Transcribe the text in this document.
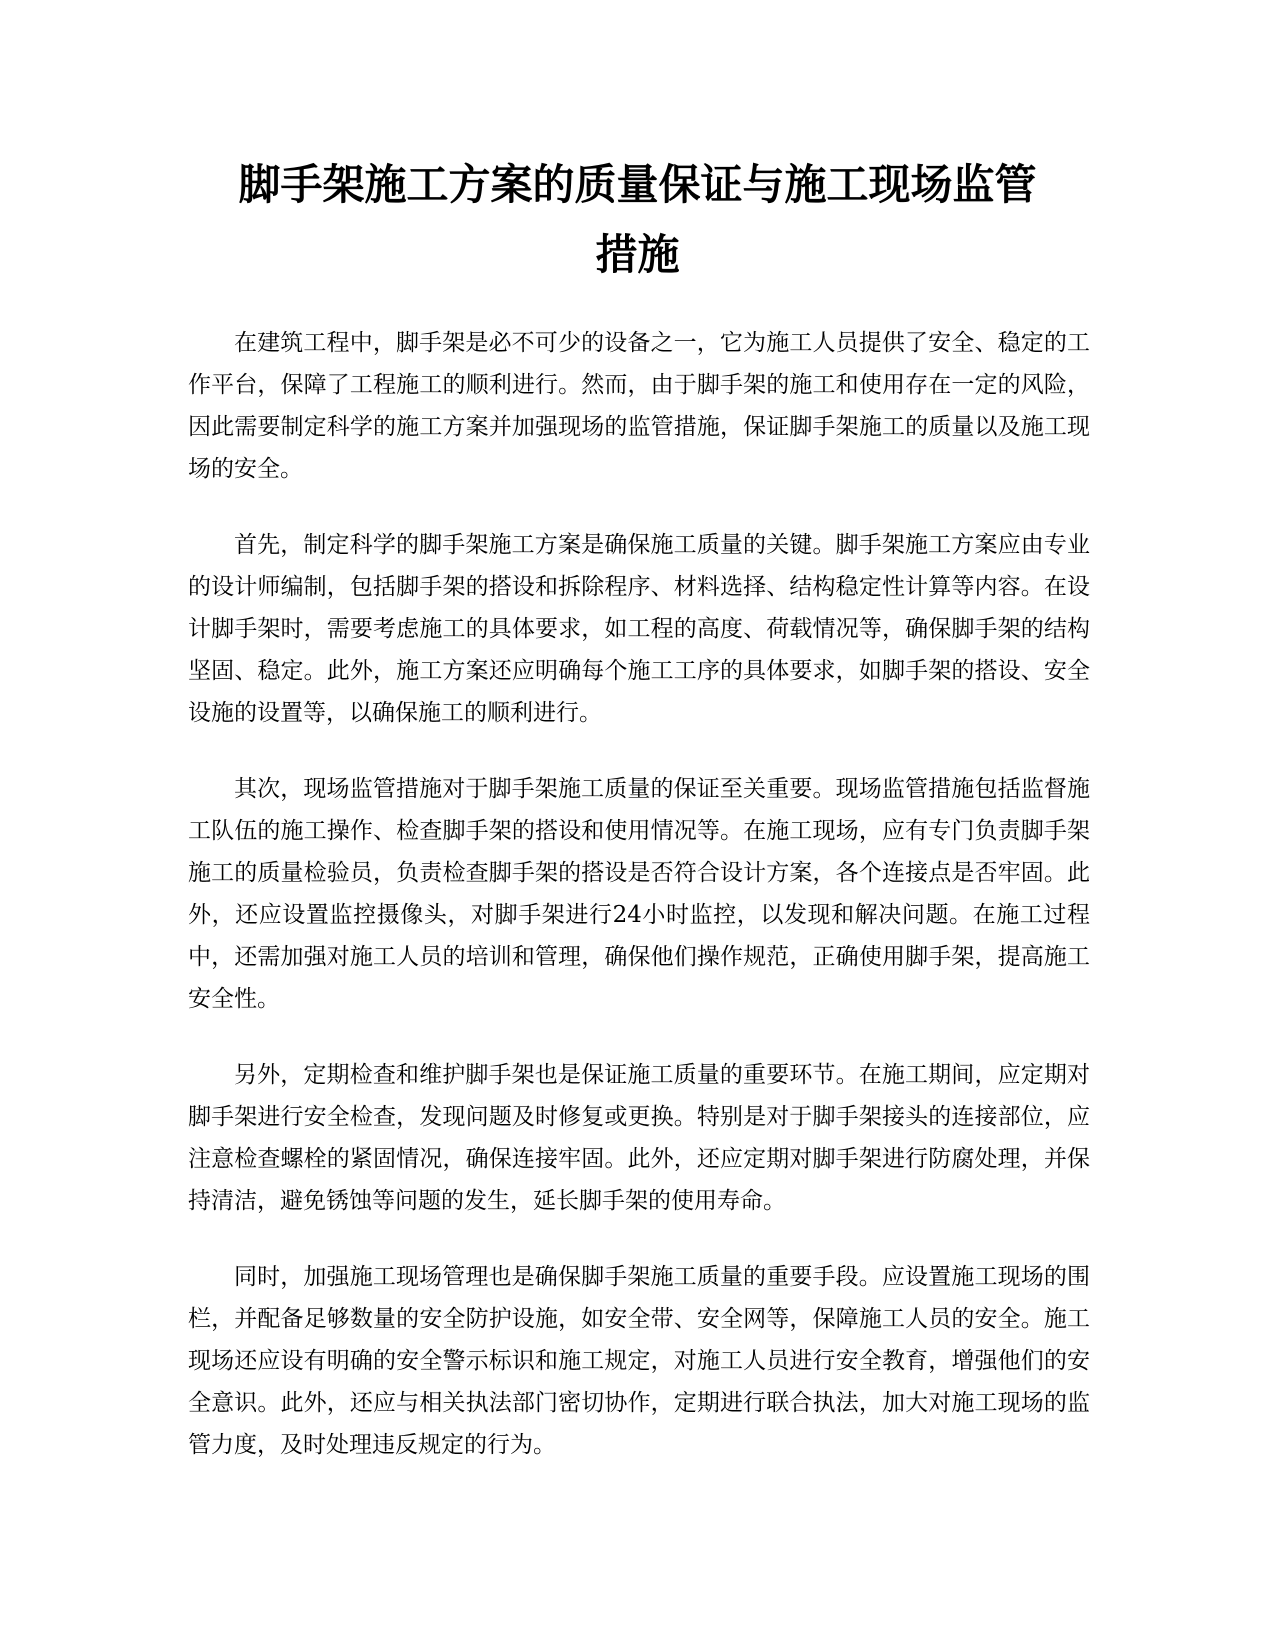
脚手架施工方案的质量保证与施工现场监管
措施

在建筑工程中，脚手架是必不可少的设备之一，它为施工人员提供了安全、稳定的工作平台，保障了工程施工的顺利进行。然而，由于脚手架的施工和使用存在一定的风险，因此需要制定科学的施工方案并加强现场的监管措施，保证脚手架施工的质量以及施工现场的安全。

首先，制定科学的脚手架施工方案是确保施工质量的关键。脚手架施工方案应由专业的设计师编制，包括脚手架的搭设和拆除程序、材料选择、结构稳定性计算等内容。在设计脚手架时，需要考虑施工的具体要求，如工程的高度、荷载情况等，确保脚手架的结构坚固、稳定。此外，施工方案还应明确每个施工工序的具体要求，如脚手架的搭设、安全设施的设置等，以确保施工的顺利进行。

其次，现场监管措施对于脚手架施工质量的保证至关重要。现场监管措施包括监督施工队伍的施工操作、检查脚手架的搭设和使用情况等。在施工现场，应有专门负责脚手架施工的质量检验员，负责检查脚手架的搭设是否符合设计方案，各个连接点是否牢固。此外，还应设置监控摄像头，对脚手架进行24小时监控，以发现和解决问题。在施工过程中，还需加强对施工人员的培训和管理，确保他们操作规范，正确使用脚手架，提高施工安全性。

另外，定期检查和维护脚手架也是保证施工质量的重要环节。在施工期间，应定期对脚手架进行安全检查，发现问题及时修复或更换。特别是对于脚手架接头的连接部位，应注意检查螺栓的紧固情况，确保连接牢固。此外，还应定期对脚手架进行防腐处理，并保持清洁，避免锈蚀等问题的发生，延长脚手架的使用寿命。

同时，加强施工现场管理也是确保脚手架施工质量的重要手段。应设置施工现场的围栏，并配备足够数量的安全防护设施，如安全带、安全网等，保障施工人员的安全。施工现场还应设有明确的安全警示标识和施工规定，对施工人员进行安全教育，增强他们的安全意识。此外，还应与相关执法部门密切协作，定期进行联合执法，加大对施工现场的监管力度，及时处理违反规定的行为。
